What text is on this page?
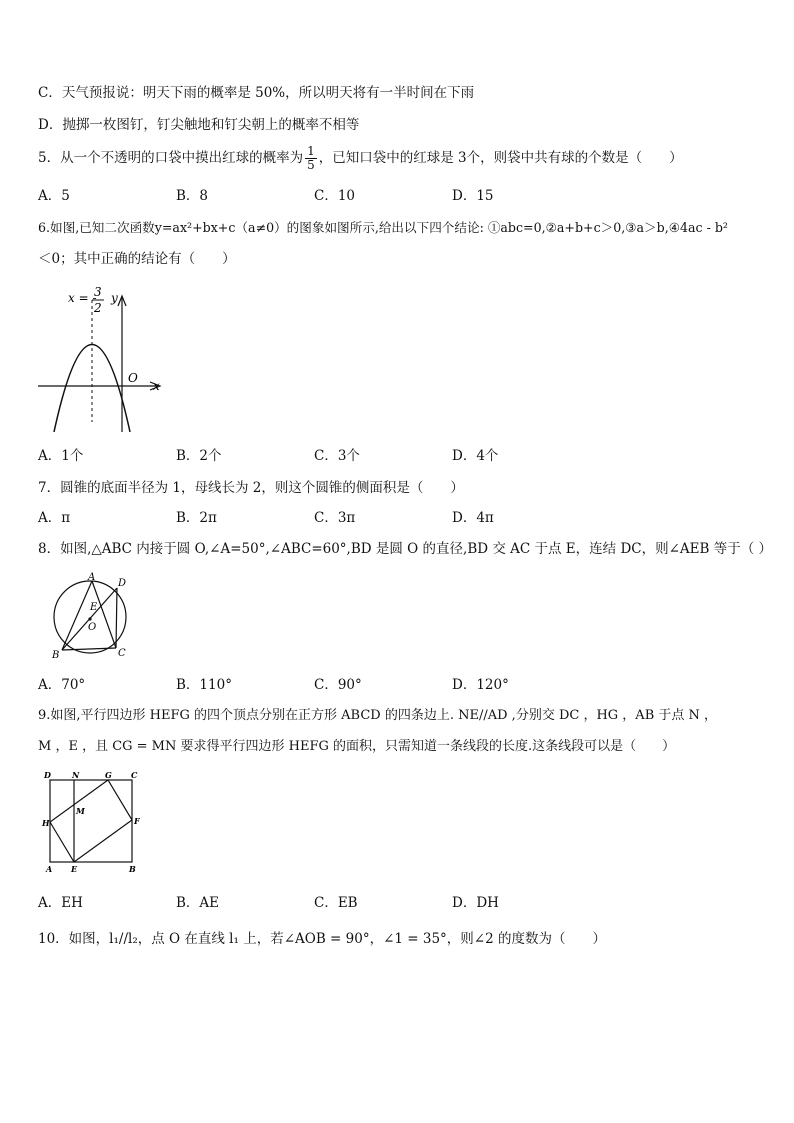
C．天气预报说：明天下雨的概率是 50%，所以明天将有一半时间在下雨
D．抛掷一枚图钉，钉尖触地和钉尖朝上的概率不相等
5．从一个不透明的口袋中摸出红球的概率为 $\frac{1}{5}$ ，已知口袋中的红球是 3个，则袋中共有球的个数是（　　）
A．5	B．8	C．10	D．15
6.如图,已知二次函数y=ax²+bx+c（a≠0）的图象如图所示,给出以下四个结论: ①abc=0,②a+b+c＞0,③a＞b,④4ac - b²
＜0；其中正确的结论有（　　）
x = -
3
2
y
x
O
A．1个	B．2个	C．3个	D．4个
7．圆锥的底面半径为 1，母线长为 2，则这个圆锥的侧面积是（　　）
A．π	B．2π	C．3π	D．4π
8．如图,△ABC 内接于圆 O,∠A=50°,∠ABC=60°,BD 是圆 O 的直径,BD 交 AC 于点 E，连结 DC，则∠AEB 等于（ ）
A
B	C
D
E
O
A．70°	B．110°	C．90°	D．120°
9.如图,平行四边形 HEFG 的四个顶点分别在正方形 ABCD 的四条边上. NE//AD ,分别交 DC ，HG ，AB 于点 N ，
M ，E ，且 CG = MN 要求得平行四边形 HEFG 的面积，只需知道一条线段的长度.这条线段可以是（　　）
D	N	G C
H
M
F
A E	B
A．EH	B．AE	C．EB	D．DH
10．如图，l₁//l₂，点 O 在直线 l₁ 上，若∠AOB = 90°，∠1 = 35°，则∠2 的度数为（　　）
